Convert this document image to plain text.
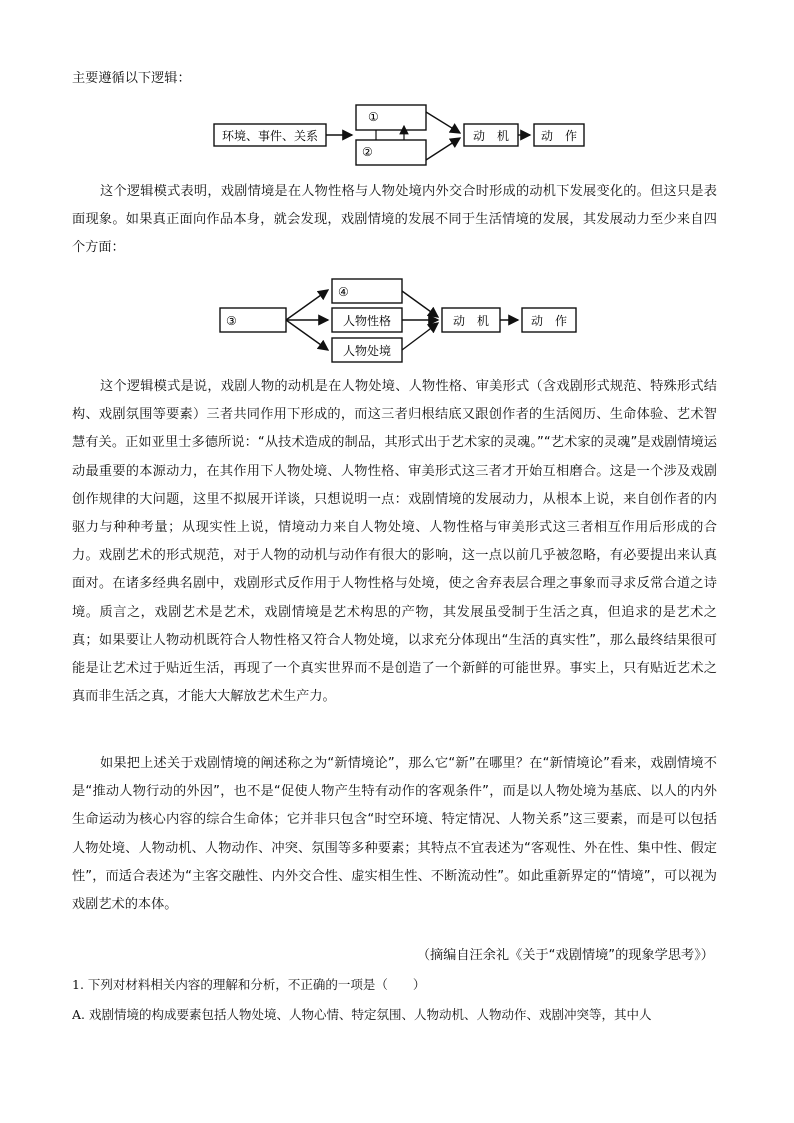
主要遵循以下逻辑：
环境、事件、关系
①
②
动　机	动　作
这个逻辑模式表明，戏剧情境是在人物性格与人物处境内外交合时形成的动机下发展变化的。但这只是表面现象。如果真正面向作品本身，就会发现，戏剧情境的发展不同于生活情境的发展，其发展动力至少来自四个方面：
③
④
人物性格
人物处境
动　机	动　作
这个逻辑模式是说，戏剧人物的动机是在人物处境、人物性格、审美形式（含戏剧形式规范、特殊形式结构、戏剧氛围等要素）三者共同作用下形成的，而这三者归根结底又跟创作者的生活阅历、生命体验、艺术智慧有关。正如亚里士多德所说：“从技术造成的制品，其形式出于艺术家的灵魂。”“艺术家的灵魂”是戏剧情境运动最重要的本源动力，在其作用下人物处境、人物性格、审美形式这三者才开始互相磨合。这是一个涉及戏剧创作规律的大问题，这里不拟展开详谈，只想说明一点：戏剧情境的发展动力，从根本上说，来自创作者的内驱力与种种考量；从现实性上说，情境动力来自人物处境、人物性格与审美形式这三者相互作用后形成的合力。戏剧艺术的形式规范，对于人物的动机与动作有很大的影响，这一点以前几乎被忽略，有必要提出来认真面对。在诸多经典名剧中，戏剧形式反作用于人物性格与处境，使之舍弃表层合理之事象而寻求反常合道之诗境。质言之，戏剧艺术是艺术，戏剧情境是艺术构思的产物，其发展虽受制于生活之真，但追求的是艺术之真；如果要让人物动机既符合人物性格又符合人物处境，以求充分体现出“生活的真实性”，那么最终结果很可能是让艺术过于贴近生活，再现了一个真实世界而不是创造了一个新鲜的可能世界。事实上，只有贴近艺术之真而非生活之真，才能大大解放艺术生产力。
如果把上述关于戏剧情境的阐述称之为“新情境论”，那么它“新”在哪里？在“新情境论”看来，戏剧情境不是“推动人物行动的外因”，也不是“促使人物产生特有动作的客观条件”，而是以人物处境为基底、以人的内外生命运动为核心内容的综合生命体；它并非只包含“时空环境、特定情况、人物关系”这三要素，而是可以包括人物处境、人物动机、人物动作、冲突、氛围等多种要素；其特点不宜表述为“客观性、外在性、集中性、假定性”，而适合表述为“主客交融性、内外交合性、虚实相生性、不断流动性”。如此重新界定的“情境”，可以视为戏剧艺术的本体。
（摘编自汪余礼《关于“戏剧情境”的现象学思考》）
1. 下列对材料相关内容的理解和分析，不正确的一项是（　　）
A. 戏剧情境的构成要素包括人物处境、人物心情、特定氛围、人物动机、人物动作、戏剧冲突等，其中人
